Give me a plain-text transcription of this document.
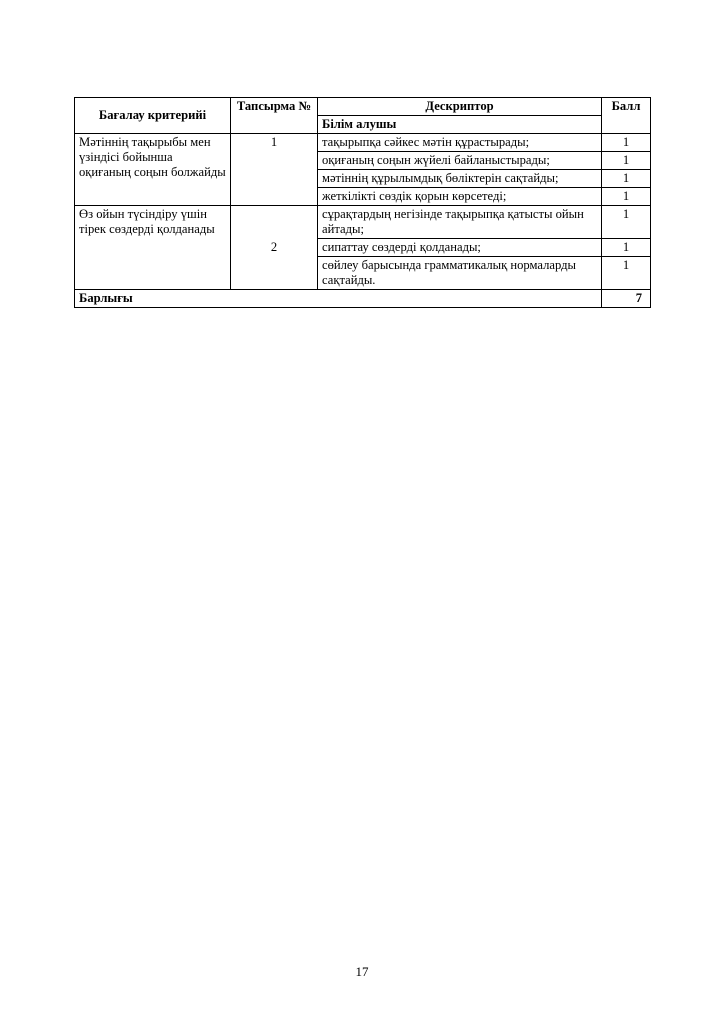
Бағалау критерийі	Тапсырма №	Дескриптор	Балл
		Білім алушы	
Мәтіннің тақырыбы мен үзіндісі бойынша оқиғаның соңын болжайды	1	тақырыпқа сәйкес мәтін құрастырады;	1
		оқиғаның соңын жүйелі байланыстырады;	1
		мәтіннің құрылымдық бөліктерін сақтайды;	1
		жеткілікті сөздік қорын көрсетеді;	1
Өз ойын түсіндіру үшін тірек сөздерді қолданады	2	сұрақтардың негізінде тақырыпқа қатысты ойын айтады;	1
		сипаттау сөздерді қолданады;	1
		сөйлеу барысында грамматикалық нормаларды сақтайды.	1
Барлығы			7
17
